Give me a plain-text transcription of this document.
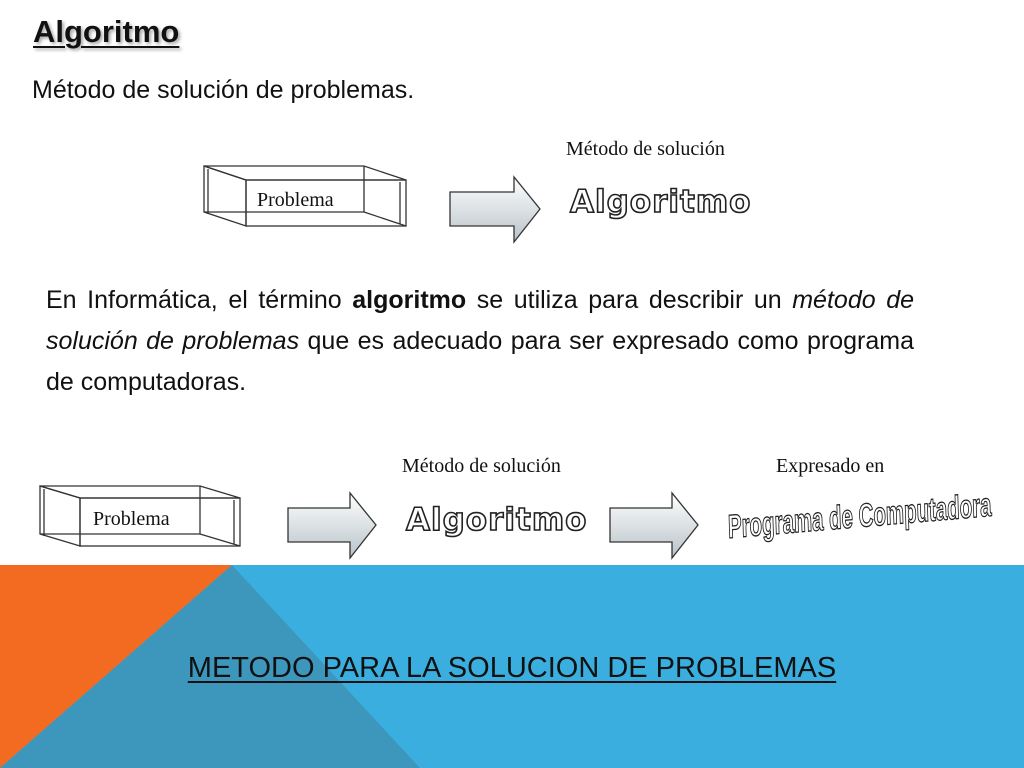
Algoritmo
Método de solución de problemas.
Problema
Método de solución
Algoritmo
En Informática, el término algoritmo se utiliza para describir un método de solución de problemas que es adecuado para ser expresado como programa de computadoras.
Problema
Método de solución
Algoritmo
Expresado en
Programa de Computadora
METODO PARA LA SOLUCION DE PROBLEMAS
